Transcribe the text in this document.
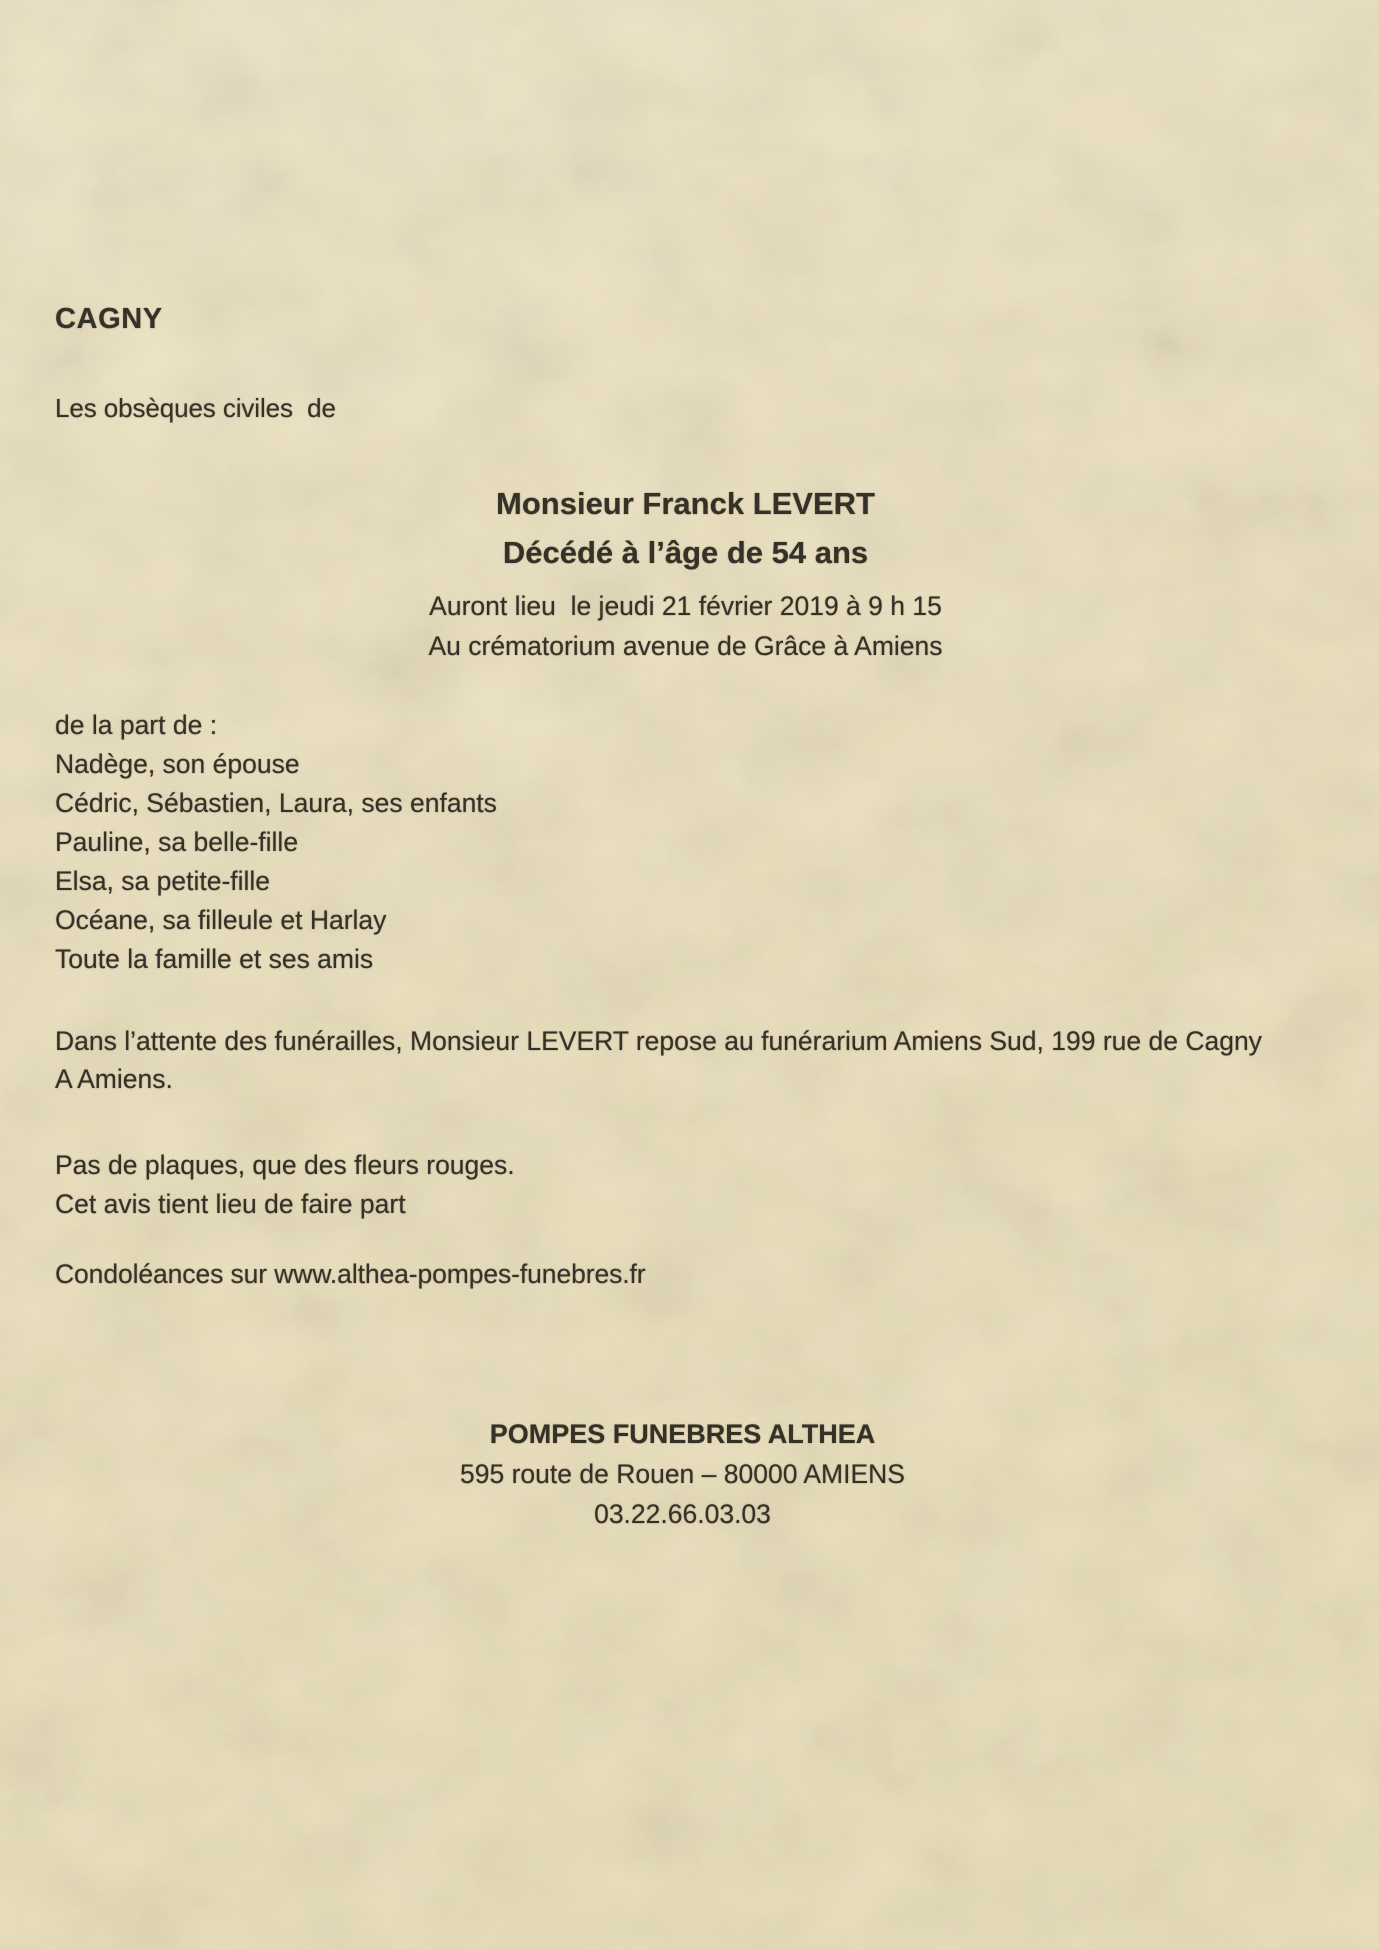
CAGNY
Les obsèques civiles  de
Monsieur Franck LEVERT
Décédé à l’âge de 54 ans
Auront lieu  le jeudi 21 février 2019 à 9 h 15
Au crématorium avenue de Grâce à Amiens
de la part de :
Nadège, son épouse
Cédric, Sébastien, Laura, ses enfants
Pauline, sa belle-fille
Elsa, sa petite-fille
Océane, sa filleule et Harlay
Toute la famille et ses amis
Dans l’attente des funérailles, Monsieur LEVERT repose au funérarium Amiens Sud, 199 rue de Cagny
A Amiens.
Pas de plaques, que des fleurs rouges.
Cet avis tient lieu de faire part
Condoléances sur www.althea-pompes-funebres.fr
POMPES FUNEBRES ALTHEA
595 route de Rouen – 80000 AMIENS
03.22.66.03.03
